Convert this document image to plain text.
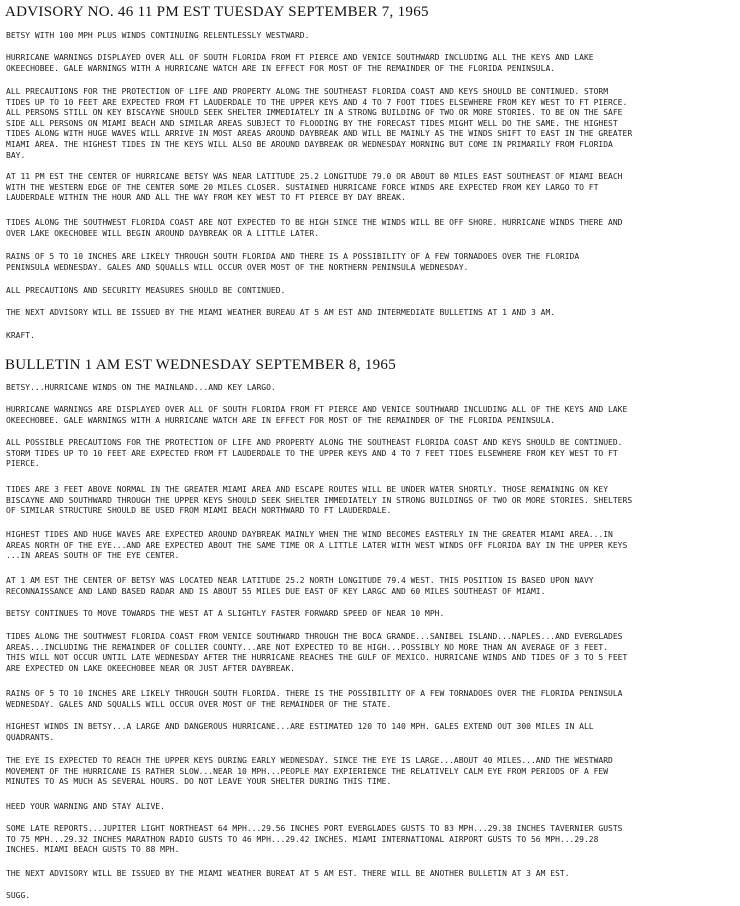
ADVISORY NO. 46 11 PM EST TUESDAY SEPTEMBER 7, 1965

BETSY WITH 100 MPH PLUS WINDS CONTINUING RELENTLESSLY WESTWARD.

HURRICANE WARNINGS DISPLAYED OVER ALL OF SOUTH FLORIDA FROM FT PIERCE AND VENICE SOUTHWARD INCLUDING ALL THE KEYS AND LAKE
OKEECHOBEE. GALE WARNINGS WITH A HURRICANE WATCH ARE IN EFFECT FOR MOST OF THE REMAINDER OF THE FLORIDA PENINSULA.

ALL PRECAUTIONS FOR THE PROTECTION OF LIFE AND PROPERTY ALONG THE SOUTHEAST FLORIDA COAST AND KEYS SHOULD BE CONTINUED. STORM
TIDES UP TO 10 FEET ARE EXPECTED FROM FT LAUDERDALE TO THE UPPER KEYS AND 4 TO 7 FOOT TIDES ELSEWHERE FROM KEY WEST TO FT PIERCE.
ALL PERSONS STILL ON KEY BISCAYNE SHOULD SEEK SHELTER IMMEDIATELY IN A STRONG BUILDING OF TWO OR MORE STORIES. TO BE ON THE SAFE
SIDE ALL PERSONS ON MIAMI BEACH AND SIMILAR AREAS SUBJECT TO FLOODING BY THE FORECAST TIDES MIGHT WELL DO THE SAME. THE HIGHEST
TIDES ALONG WITH HUGE WAVES WILL ARRIVE IN MOST AREAS AROUND DAYBREAK AND WILL BE MAINLY AS THE WINDS SHIFT TO EAST IN THE GREATER
MIAMI AREA. THE HIGHEST TIDES IN THE KEYS WILL ALSO BE AROUND DAYBREAK OR WEDNESDAY MORNING BUT COME IN PRIMARILY FROM FLORIDA
BAY.

AT 11 PM EST THE CENTER OF HURRICANE BETSY WAS NEAR LATITUDE 25.2 LONGITUDE 79.0 OR ABOUT 80 MILES EAST SOUTHEAST OF MIAMI BEACH
WITH THE WESTERN EDGE OF THE CENTER SOME 20 MILES CLOSER. SUSTAINED HURRICANE FORCE WINDS ARE EXPECTED FROM KEY LARGO TO FT
LAUDERDALE WITHIN THE HOUR AND ALL THE WAY FROM KEY WEST TO FT PIERCE BY DAY BREAK.

TIDES ALONG THE SOUTHWEST FLORIDA COAST ARE NOT EXPECTED TO BE HIGH SINCE THE WINDS WILL BE OFF SHORE. HURRICANE WINDS THERE AND
OVER LAKE OKECHOBEE WILL BEGIN AROUND DAYBREAK OR A LITTLE LATER.

RAINS OF 5 TO 10 INCHES ARE LIKELY THROUGH SOUTH FLORIDA AND THERE IS A POSSIBILITY OF A FEW TORNADOES OVER THE FLORIDA
PENINSULA WEDNESDAY. GALES AND SQUALLS WILL OCCUR OVER MOST OF THE NORTHERN PENINSULA WEDNESDAY.

ALL PRECAUTIONS AND SECURITY MEASURES SHOULD BE CONTINUED.

THE NEXT ADVISORY WILL BE ISSUED BY THE MIAMI WEATHER BUREAU AT 5 AM EST AND INTERMEDIATE BULLETINS AT 1 AND 3 AM.

KRAFT.

BULLETIN 1 AM EST WEDNESDAY SEPTEMBER 8, 1965

BETSY...HURRICANE WINDS ON THE MAINLAND...AND KEY LARGO.

HURRICANE WARNINGS ARE DISPLAYED OVER ALL OF SOUTH FLORIDA FROM FT PIERCE AND VENICE SOUTHWARD INCLUDING ALL OF THE KEYS AND LAKE
OKEECHOBEE. GALE WARNINGS WITH A HURRICANE WATCH ARE IN EFFECT FOR MOST OF THE REMAINDER OF THE FLORIDA PENINSULA.

ALL POSSIBLE PRECAUTIONS FOR THE PROTECTION OF LIFE AND PROPERTY ALONG THE SOUTHEAST FLORIDA COAST AND KEYS SHOULD BE CONTINUED.
STORM TIDES UP TO 10 FEET ARE EXPECTED FROM FT LAUDERDALE TO THE UPPER KEYS AND 4 TO 7 FEET TIDES ELSEWHERE FROM KEY WEST TO FT
PIERCE.

TIDES ARE 3 FEET ABOVE NORMAL IN THE GREATER MIAMI AREA AND ESCAPE ROUTES WILL BE UNDER WATER SHORTLY. THOSE REMAINING ON KEY
BISCAYNE AND SOUTHWARD THROUGH THE UPPER KEYS SHOULD SEEK SHELTER IMMEDIATELY IN STRONG BUILDINGS OF TWO OR MORE STORIES. SHELTERS
OF SIMILAR STRUCTURE SHOULD BE USED FROM MIAMI BEACH NORTHWARD TO FT LAUDERDALE.

HIGHEST TIDES AND HUGE WAVES ARE EXPECTED AROUND DAYBREAK MAINLY WHEN THE WIND BECOMES EASTERLY IN THE GREATER MIAMI AREA...IN
AREAS NORTH OF THE EYE...AND ARE EXPECTED ABOUT THE SAME TIME OR A LITTLE LATER WITH WEST WINDS OFF FLORIDA BAY IN THE UPPER KEYS
...IN AREAS SOUTH OF THE EYE CENTER.

AT 1 AM EST THE CENTER OF BETSY WAS LOCATED NEAR LATITUDE 25.2 NORTH LONGITUDE 79.4 WEST. THIS POSITION IS BASED UPON NAVY
RECONNAISSANCE AND LAND BASED RADAR AND IS ABOUT 55 MILES DUE EAST OF KEY LARGC AND 60 MILES SOUTHEAST OF MIAMI.

BETSY CONTINUES TO MOVE TOWARDS THE WEST AT A SLIGHTLY FASTER FORWARD SPEED OF NEAR 10 MPH.

TIDES ALONG THE SOUTHWEST FLORIDA COAST FROM VENICE SOUTHWARD THROUGH THE BOCA GRANDE...SANIBEL ISLAND...NAPLES...AND EVERGLADES
AREAS...INCLUDING THE REMAINDER OF COLLIER COUNTY...ARE NOT EXPECTED TO BE HIGH...POSSIBLY NO MORE THAN AN AVERAGE OF 3 FEET.
THIS WILL NOT OCCUR UNTIL LATE WEDNESDAY AFTER THE HURRICANE REACHES THE GULF OF MEXICO. HURRICANE WINDS AND TIDES OF 3 TO 5 FEET
ARE EXPECTED ON LAKE OKEECHOBEE NEAR OR JUST AFTER DAYBREAK.

RAINS OF 5 TO 10 INCHES ARE LIKELY THROUGH SOUTH FLORIDA. THERE IS THE POSSIBILITY OF A FEW TORNADOES OVER THE FLORIDA PENINSULA
WEDNESDAY. GALES AND SQUALLS WILL OCCUR OVER MOST OF THE REMAINDER OF THE STATE.

HIGHEST WINDS IN BETSY...A LARGE AND DANGEROUS HURRICANE...ARE ESTIMATED 120 TO 140 MPH. GALES EXTEND OUT 300 MILES IN ALL
QUADRANTS.

THE EYE IS EXPECTED TO REACH THE UPPER KEYS DURING EARLY WEDNESDAY. SINCE THE EYE IS LARGE...ABOUT 40 MILES...AND THE WESTWARD
MOVEMENT OF THE HURRICANE IS RATHER SLOW...NEAR 10 MPH...PEOPLE MAY EXPIERIENCE THE RELATIVELY CALM EYE FROM PERIODS OF A FEW
MINUTES TO AS MUCH AS SEVERAL HOURS. DO NOT LEAVE YOUR SHELTER DURING THIS TIME.

HEED YOUR WARNING AND STAY ALIVE.

SOME LATE REPORTS...JUPITER LIGHT NORTHEAST 64 MPH...29.56 INCHES PORT EVERGLADES GUSTS TO 83 MPH...29.38 INCHES TAVERNIER GUSTS
TO 75 MPH...29.32 INCHES MARATHON RADIO GUSTS TO 46 MPH...29.42 INCHES. MIAMI INTERNATIONAL AIRPORT GUSTS TO 56 MPH...29.28
INCHES. MIAMI BEACH GUSTS TO 88 MPH.

THE NEXT ADVISORY WILL BE ISSUED BY THE MIAMI WEATHER BUREAT AT 5 AM EST. THERE WILL BE ANOTHER BULLETIN AT 3 AM EST.

SUGG.
